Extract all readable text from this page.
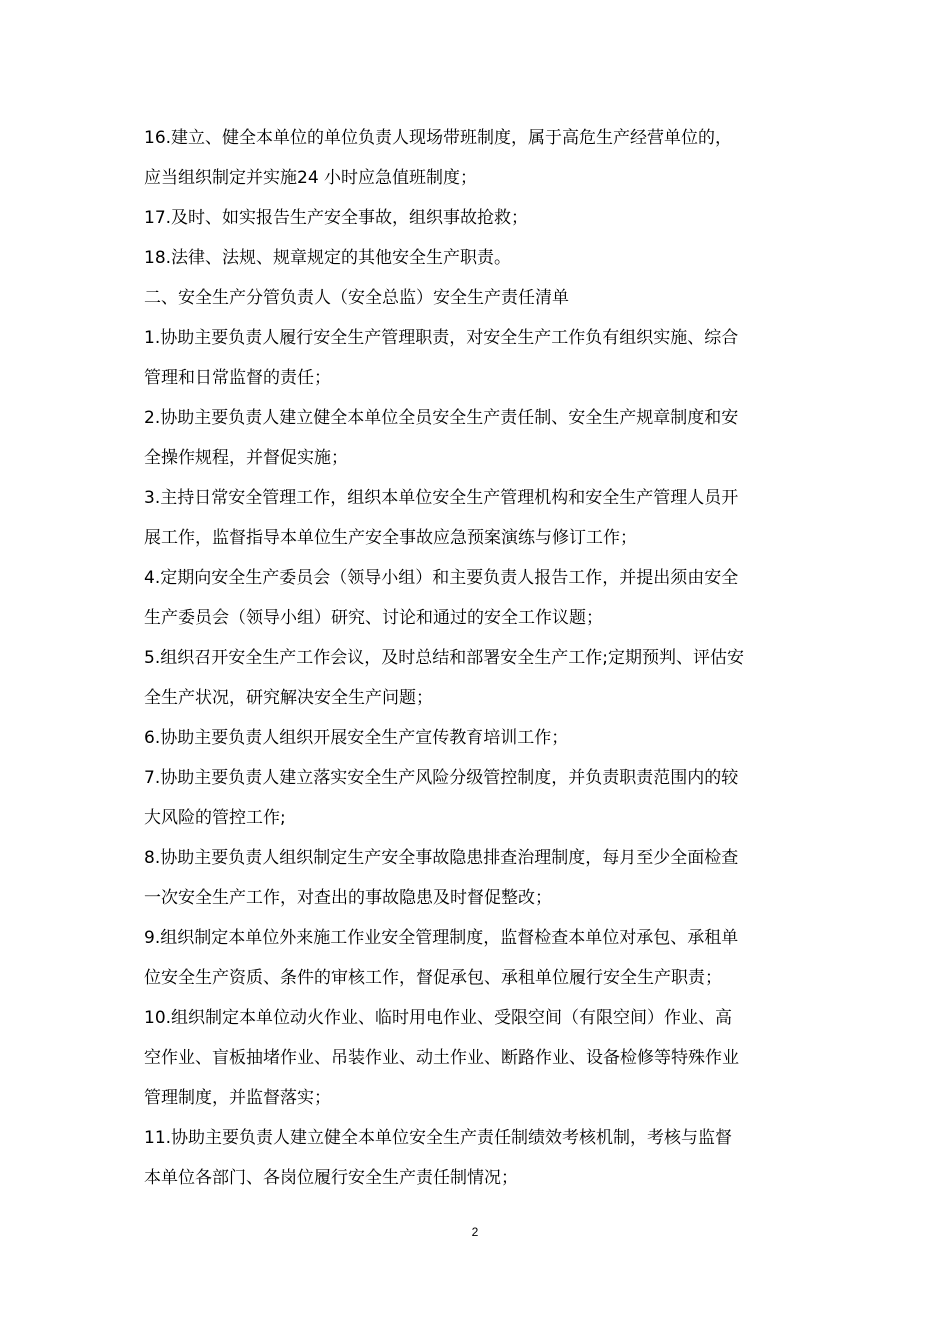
16.建立、健全本单位的单位负责人现场带班制度，属于高危生产经营单位的，
应当组织制定并实施24 小时应急值班制度；
17.及时、如实报告生产安全事故，组织事故抢救；
18.法律、法规、规章规定的其他安全生产职责。
二、安全生产分管负责人（安全总监）安全生产责任清单
1.协助主要负责人履行安全生产管理职责，对安全生产工作负有组织实施、综合
管理和日常监督的责任；
2.协助主要负责人建立健全本单位全员安全生产责任制、安全生产规章制度和安
全操作规程，并督促实施；
3.主持日常安全管理工作，组织本单位安全生产管理机构和安全生产管理人员开
展工作，监督指导本单位生产安全事故应急预案演练与修订工作；
4.定期向安全生产委员会（领导小组）和主要负责人报告工作，并提出须由安全
生产委员会（领导小组）研究、讨论和通过的安全工作议题；
5.组织召开安全生产工作会议，及时总结和部署安全生产工作;定期预判、评估安
全生产状况，研究解决安全生产问题；
6.协助主要负责人组织开展安全生产宣传教育培训工作；
7.协助主要负责人建立落实安全生产风险分级管控制度，并负责职责范围内的较
大风险的管控工作;
8.协助主要负责人组织制定生产安全事故隐患排查治理制度，每月至少全面检查
一次安全生产工作，对查出的事故隐患及时督促整改；
9.组织制定本单位外来施工作业安全管理制度，监督检查本单位对承包、承租单
位安全生产资质、条件的审核工作，督促承包、承租单位履行安全生产职责；
10.组织制定本单位动火作业、临时用电作业、受限空间（有限空间）作业、高
空作业、盲板抽堵作业、吊装作业、动土作业、断路作业、设备检修等特殊作业
管理制度，并监督落实；
11.协助主要负责人建立健全本单位安全生产责任制绩效考核机制，考核与监督
本单位各部门、各岗位履行安全生产责任制情况；
2
